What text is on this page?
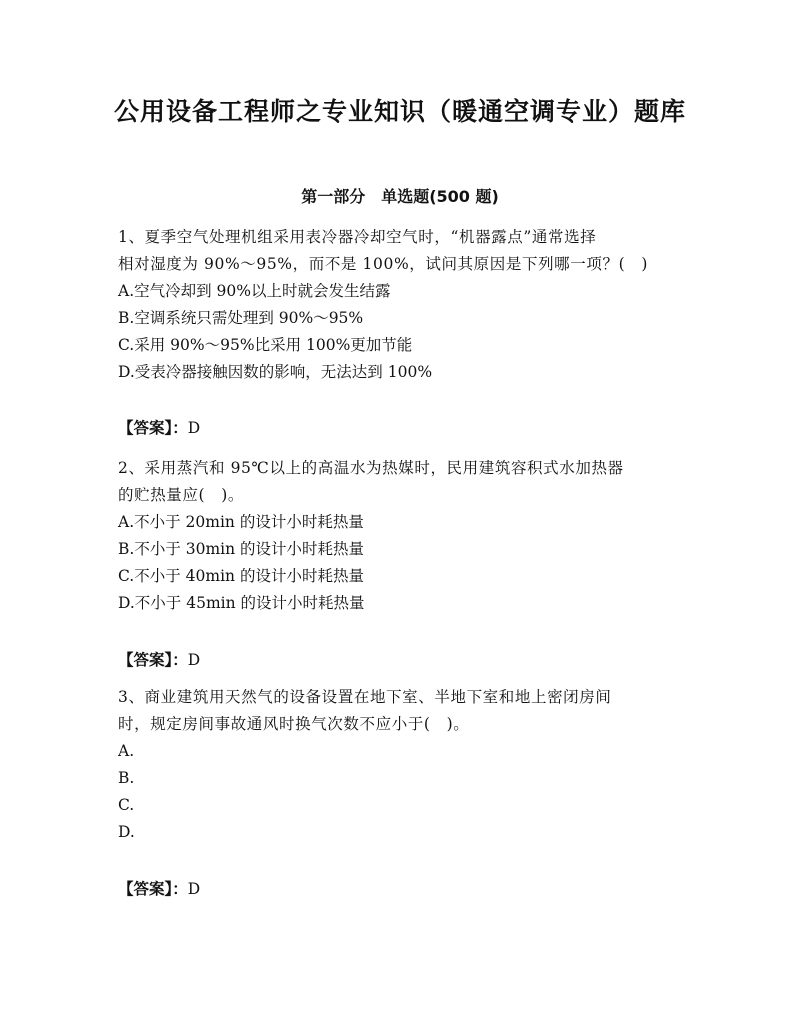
公用设备工程师之专业知识（暖通空调专业）题库
第一部分　单选题(500 题)
1、夏季空气处理机组采用表冷器冷却空气时，“机器露点”通常选择
相对湿度为 90%～95%，而不是 100%，试问其原因是下列哪一项？(　)
A.空气冷却到 90%以上时就会发生结露
B.空调系统只需处理到 90%～95%
C.采用 90%～95%比采用 100%更加节能
D.受表冷器接触因数的影响，无法达到 100%
【答案】：D
2、采用蒸汽和 95℃以上的高温水为热媒时，民用建筑容积式水加热器
的贮热量应(　)。
A.不小于 20min 的设计小时耗热量
B.不小于 30min 的设计小时耗热量
C.不小于 40min 的设计小时耗热量
D.不小于 45min 的设计小时耗热量
【答案】：D
3、商业建筑用天然气的设备设置在地下室、半地下室和地上密闭房间
时，规定房间事故通风时换气次数不应小于(　)。
A.
B.
C.
D.
【答案】：D
